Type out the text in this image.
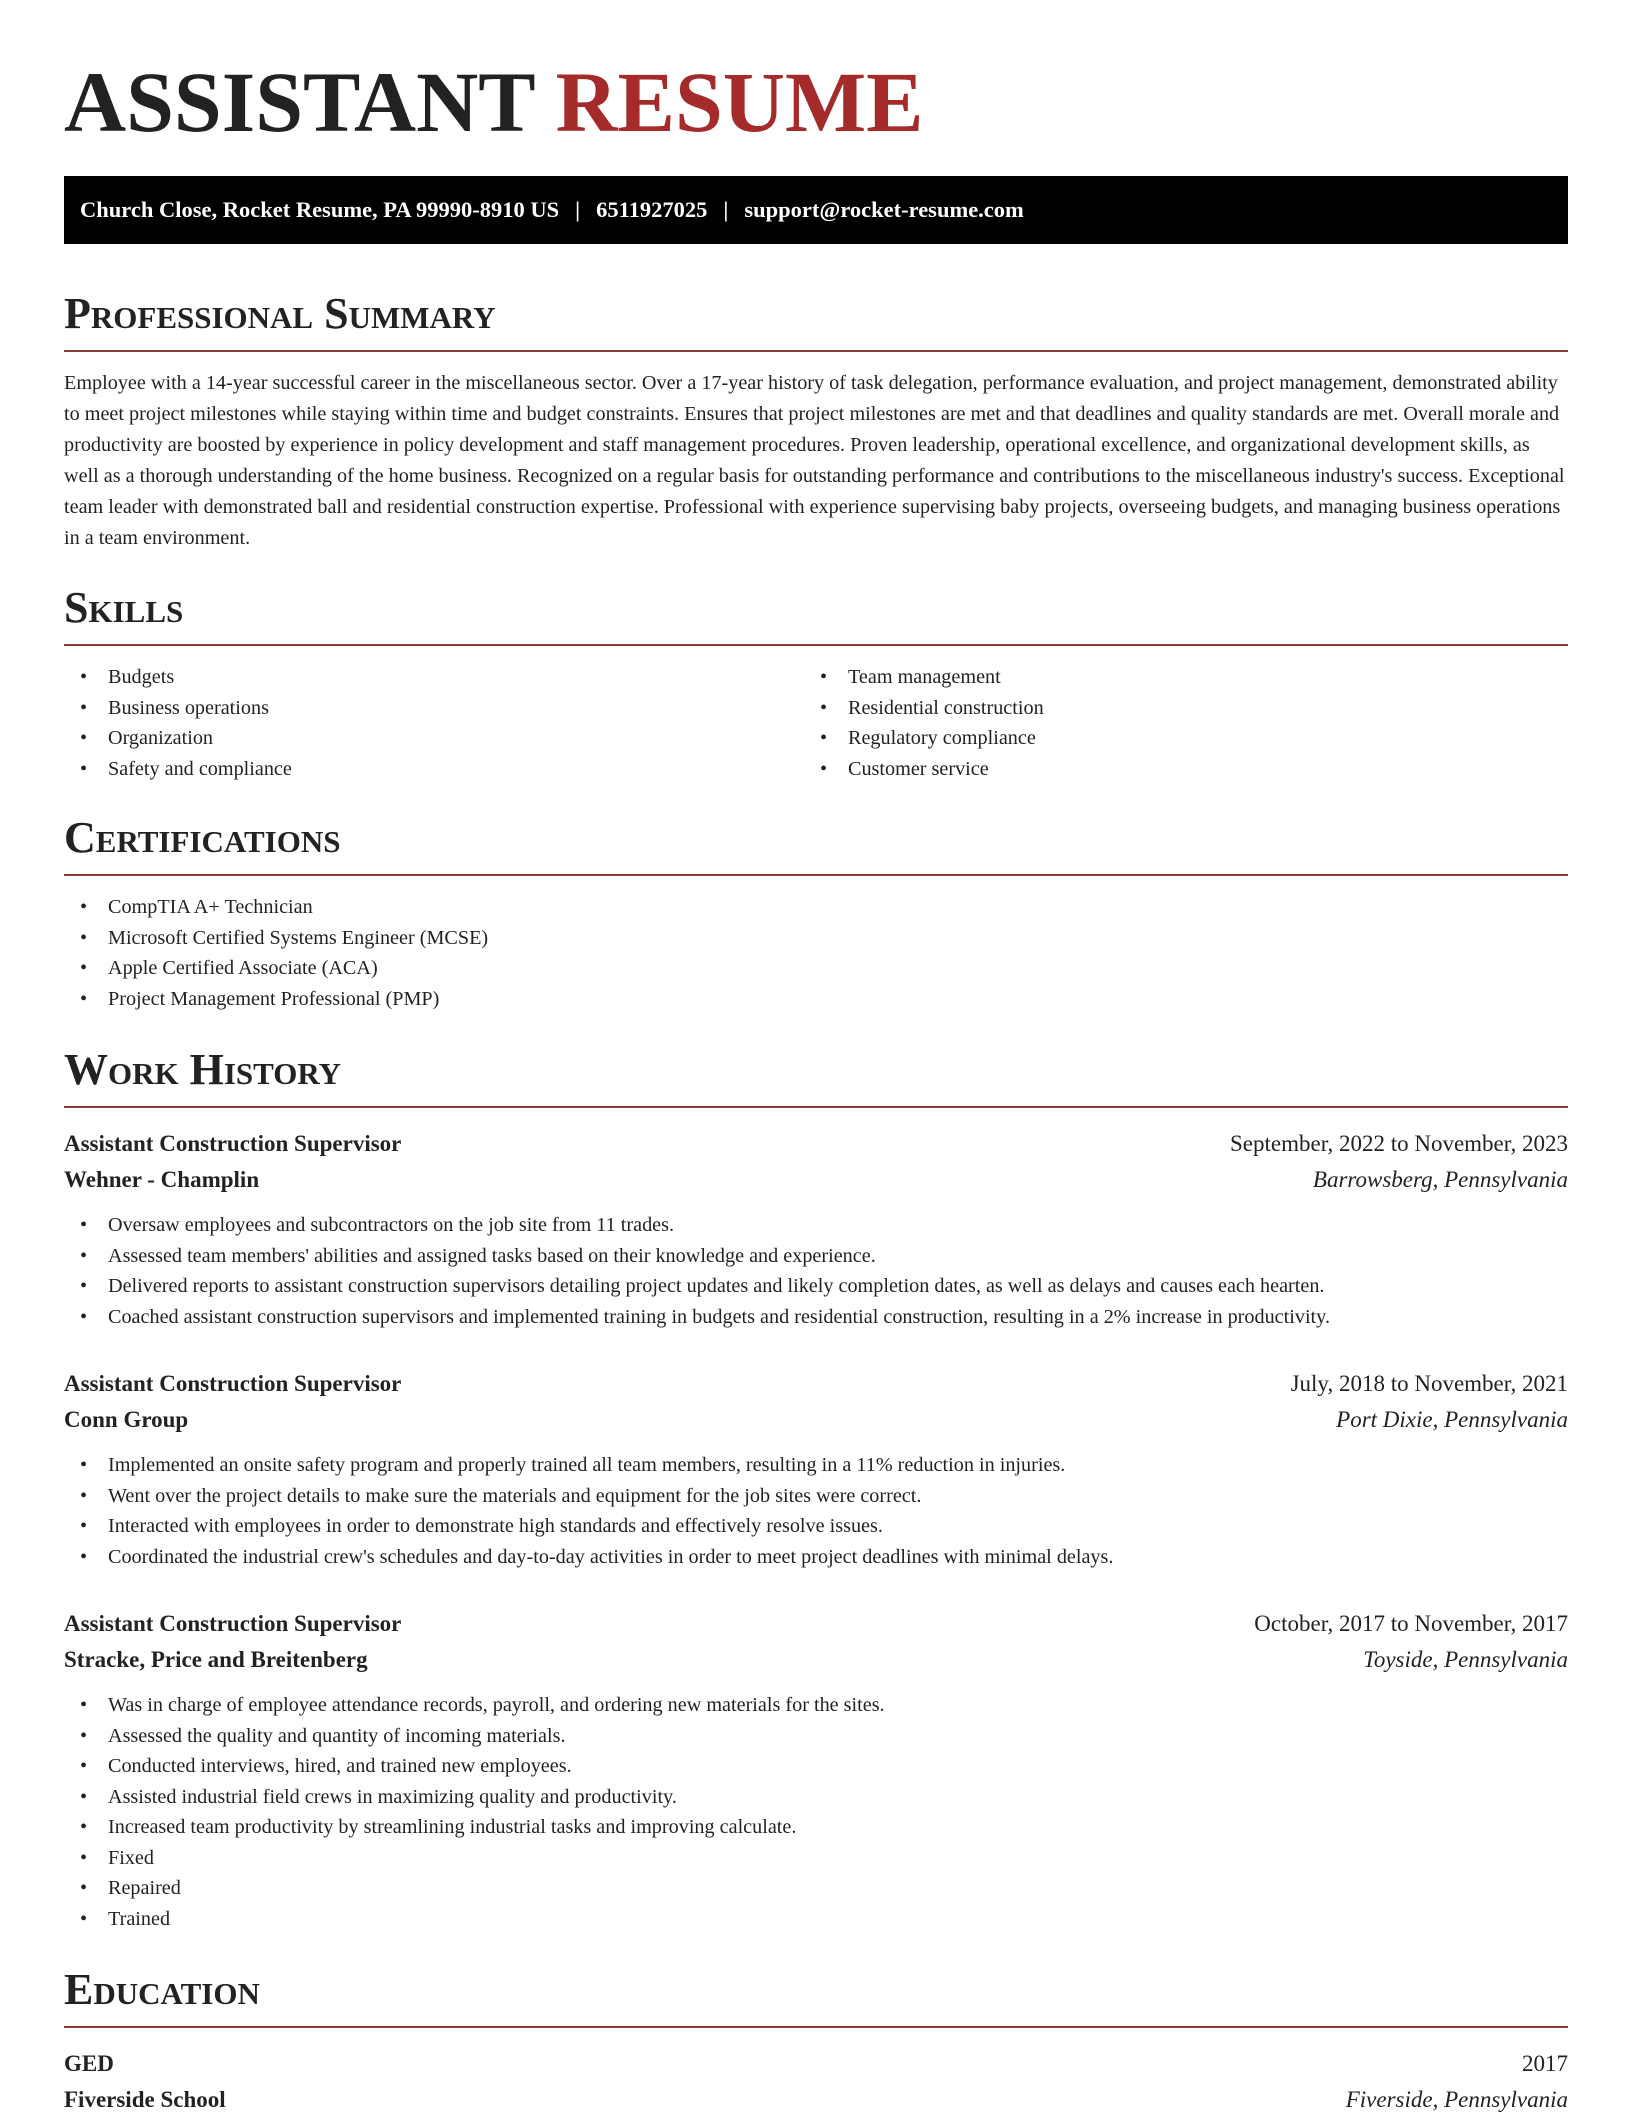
ASSISTANT RESUME
Church Close, Rocket Resume, PA 99990-8910 US | 6511927025 | support@rocket-resume.com
Professional Summary

Employee with a 14-year successful career in the miscellaneous sector. Over a 17-year history of task delegation, performance evaluation, and project management, demonstrated ability to meet project milestones while staying within time and budget constraints. Ensures that project milestones are met and that deadlines and quality standards are met. Overall morale and productivity are boosted by experience in policy development and staff management procedures. Proven leadership, operational excellence, and organizational development skills, as well as a thorough understanding of the home business. Recognized on a regular basis for outstanding performance and contributions to the miscellaneous industry's success. Exceptional team leader with demonstrated ball and residential construction expertise. Professional with experience supervising baby projects, overseeing budgets, and managing business operations in a team environment.

Skills
• Budgets
• Business operations
• Organization
• Safety and compliance
• Team management
• Residential construction
• Regulatory compliance
• Customer service
Certifications
• CompTIA A+ Technician
• Microsoft Certified Systems Engineer (MCSE)
• Apple Certified Associate (ACA)
• Project Management Professional (PMP)
Work History
Assistant Construction Supervisor	September, 2022 to November, 2023
Wehner - Champlin	Barrowsberg, Pennsylvania
• Oversaw employees and subcontractors on the job site from 11 trades.
• Assessed team members' abilities and assigned tasks based on their knowledge and experience.
• Delivered reports to assistant construction supervisors detailing project updates and likely completion dates, as well as delays and causes each hearten.
• Coached assistant construction supervisors and implemented training in budgets and residential construction, resulting in a 2% increase in productivity.
Assistant Construction Supervisor	July, 2018 to November, 2021
Conn Group	Port Dixie, Pennsylvania
• Implemented an onsite safety program and properly trained all team members, resulting in a 11% reduction in injuries.
• Went over the project details to make sure the materials and equipment for the job sites were correct.
• Interacted with employees in order to demonstrate high standards and effectively resolve issues.
• Coordinated the industrial crew's schedules and day-to-day activities in order to meet project deadlines with minimal delays.
Assistant Construction Supervisor	October, 2017 to November, 2017
Stracke, Price and Breitenberg	Toyside, Pennsylvania
• Was in charge of employee attendance records, payroll, and ordering new materials for the sites.
• Assessed the quality and quantity of incoming materials.
• Conducted interviews, hired, and trained new employees.
• Assisted industrial field crews in maximizing quality and productivity.
• Increased team productivity by streamlining industrial tasks and improving calculate.
• Fixed
• Repaired
• Trained
Education
GED	2017
Fiverside School	Fiverside, Pennsylvania
